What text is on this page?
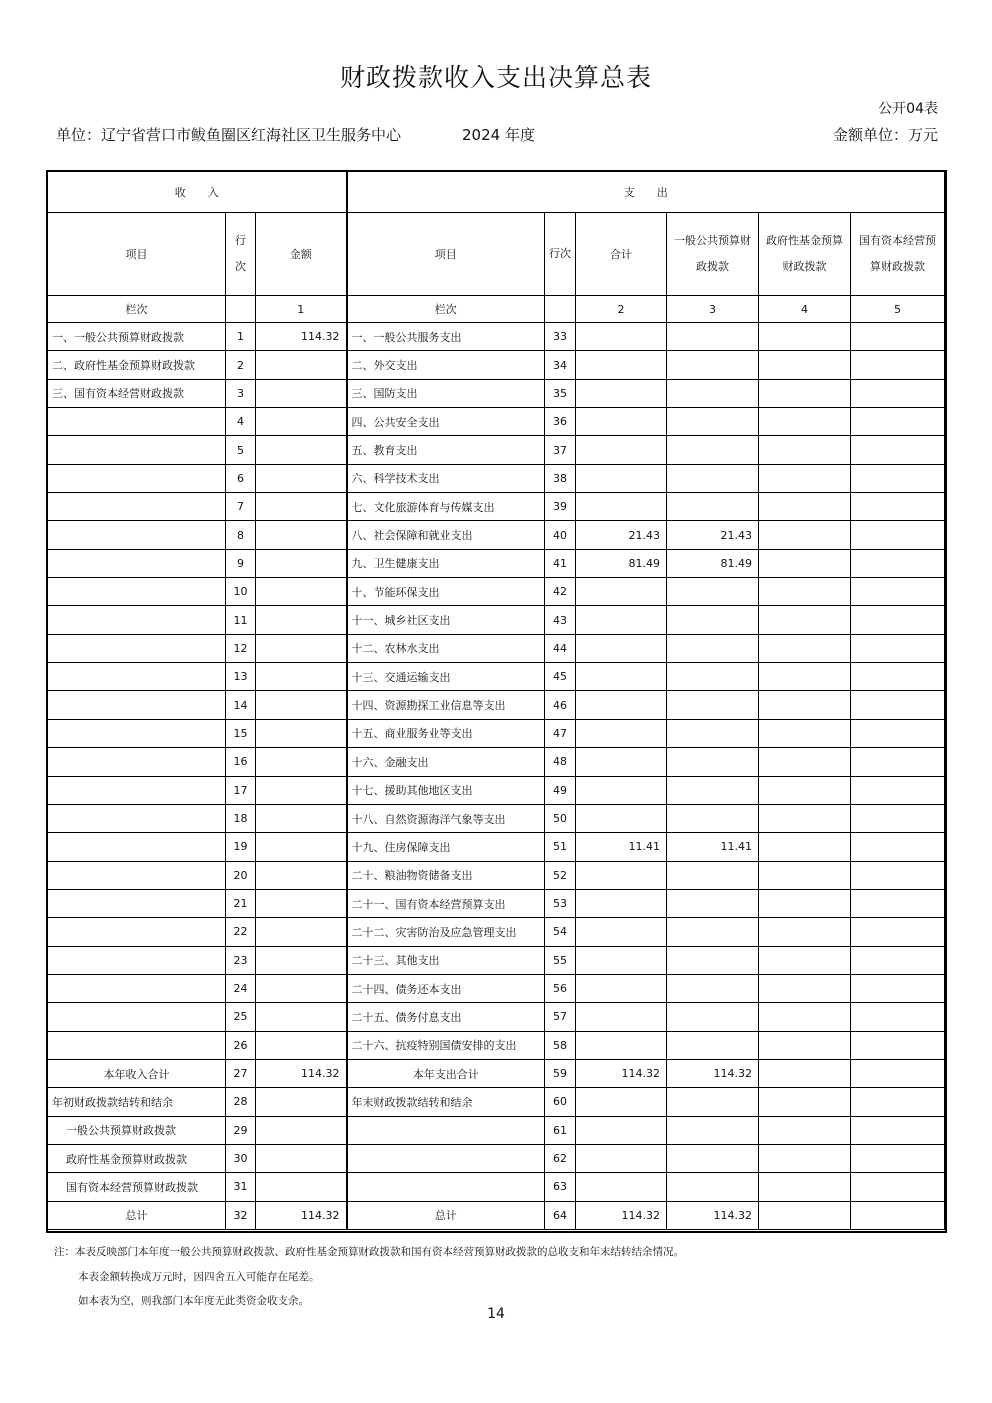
财政拨款收入支出决算总表
公开04表
单位：辽宁省营口市鲅鱼圈区红海社区卫生服务中心	2024 年度	金额单位：万元
收　　入			支　　出					
项目	行次	金额	项目	行次	合计	一般公共预算财政拨款	政府性基金预算财政拨款	国有资本经营预算财政拨款
栏次		1	栏次		2	3	4	5
一、一般公共预算财政拨款	1	114.32	一、一般公共服务支出	33				
二、政府性基金预算财政拨款	2		二、外交支出	34				
三、国有资本经营财政拨款	3		三、国防支出	35				
	4		四、公共安全支出	36				
	5		五、教育支出	37				
	6		六、科学技术支出	38				
	7		七、文化旅游体育与传媒支出	39				
	8		八、社会保障和就业支出	40	21.43	21.43		
	9		九、卫生健康支出	41	81.49	81.49		
	10		十、节能环保支出	42				
	11		十一、城乡社区支出	43				
	12		十二、农林水支出	44				
	13		十三、交通运输支出	45				
	14		十四、资源勘探工业信息等支出	46				
	15		十五、商业服务业等支出	47				
	16		十六、金融支出	48				
	17		十七、援助其他地区支出	49				
	18		十八、自然资源海洋气象等支出	50				
	19		十九、住房保障支出	51	11.41	11.41		
	20		二十、粮油物资储备支出	52				
	21		二十一、国有资本经营预算支出	53				
	22		二十二、灾害防治及应急管理支出	54				
	23		二十三、其他支出	55				
	24		二十四、债务还本支出	56				
	25		二十五、债务付息支出	57				
	26		二十六、抗疫特别国债安排的支出	58				
本年收入合计	27	114.32	本年支出合计	59	114.32	114.32		
年初财政拨款结转和结余	28		年末财政拨款结转和结余	60				
一般公共预算财政拨款	29			61				
政府性基金预算财政拨款	30			62				
国有资本经营预算财政拨款	31			63				
总计	32	114.32	总计	64	114.32	114.32		
注：本表反映部门本年度一般公共预算财政拨款、政府性基金预算财政拨款和国有资本经营预算财政拨款的总收支和年末结转结余情况。
本表金额转换成万元时，因四舍五入可能存在尾差。
如本表为空，则我部门本年度无此类资金收支余。
14
